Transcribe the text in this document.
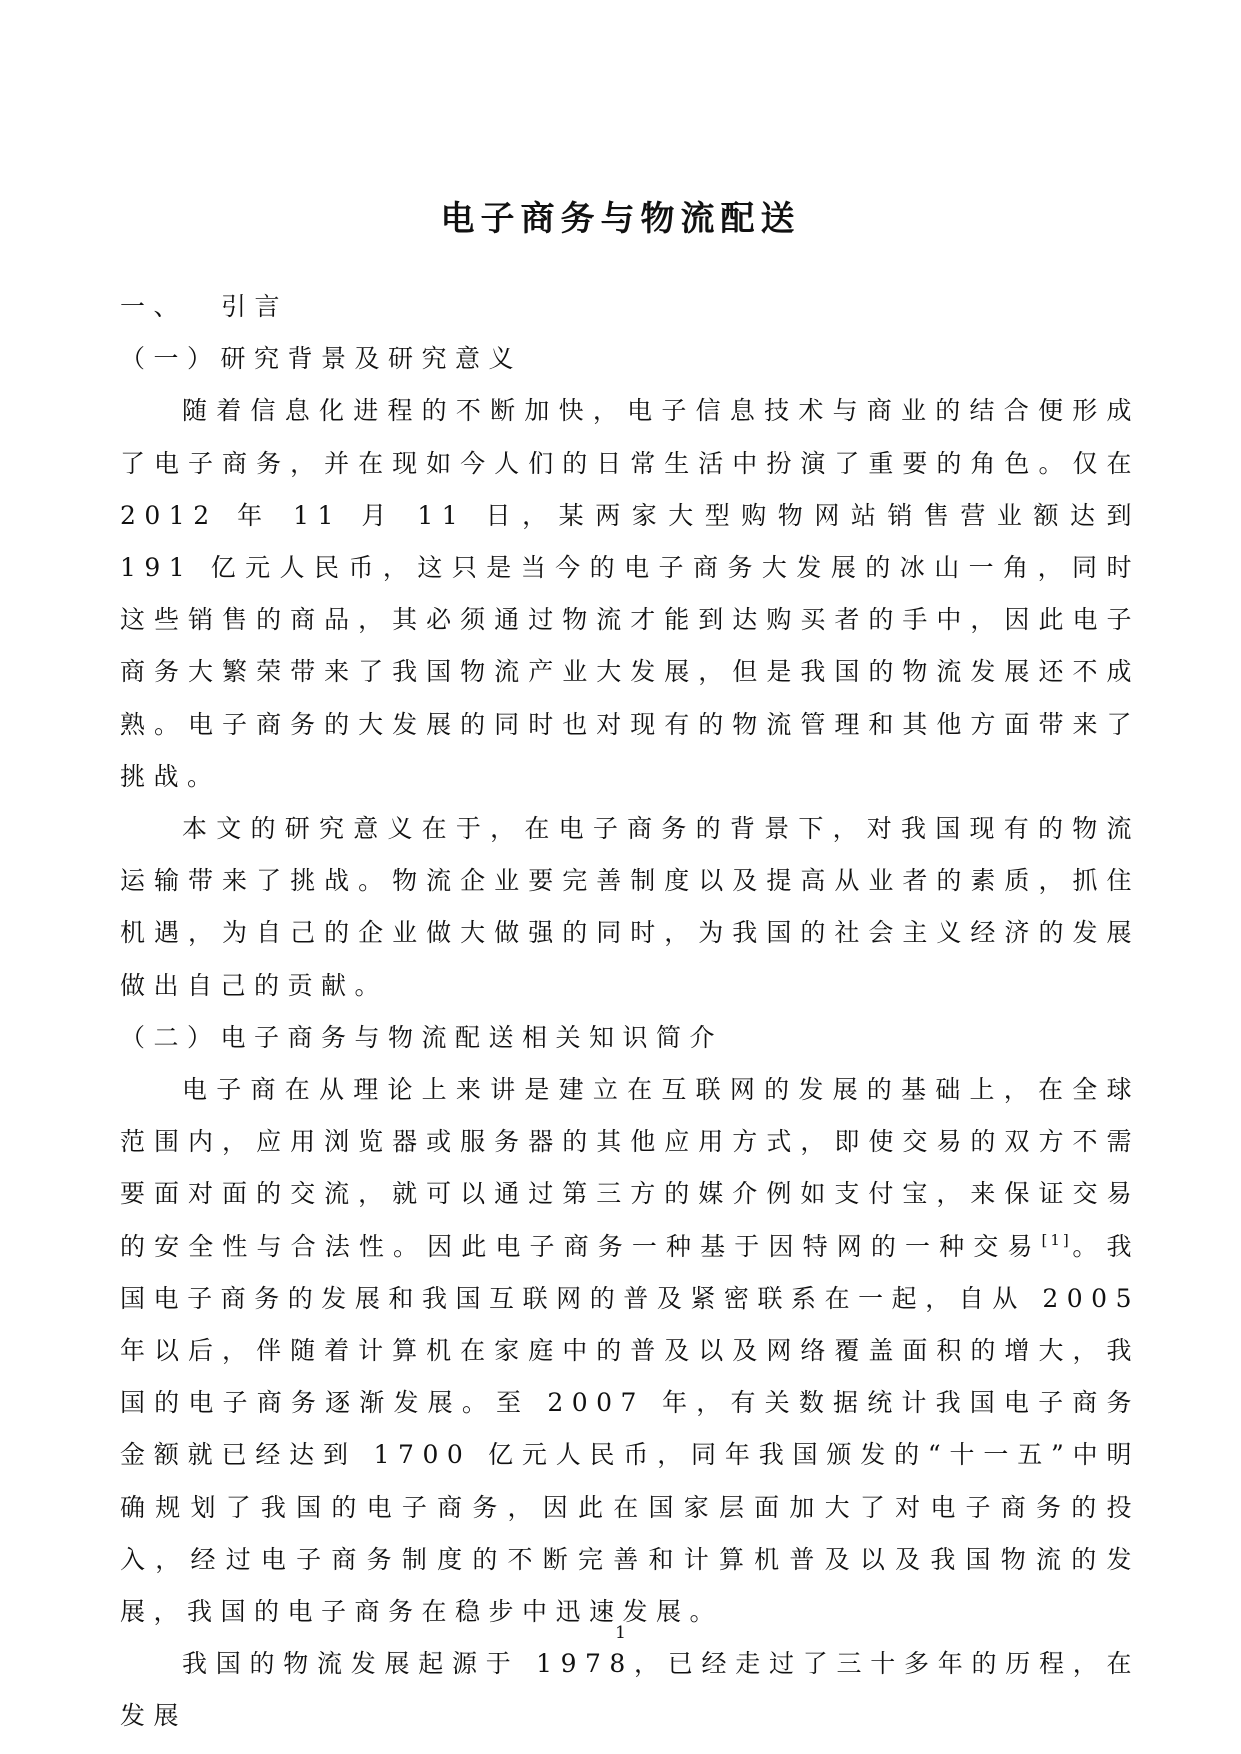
电子商务与物流配送
一、 引言
（一）研究背景及研究意义

随着信息化进程的不断加快，电子信息技术与商业的结合便形成了电子商务，并在现如今人们的日常生活中扮演了重要的角色。仅在 2012 年 11 月 11 日，某两家大型购物网站销售营业额达到 191 亿元人民币，这只是当今的电子商务大发展的冰山一角，同时这些销售的商品，其必须通过物流才能到达购买者的手中，因此电子商务大繁荣带来了我国物流产业大发展，但是我国的物流发展还不成熟。电子商务的大发展的同时也对现有的物流管理和其他方面带来了挑战。

本文的研究意义在于，在电子商务的背景下，对我国现有的物流运输带来了挑战。物流企业要完善制度以及提高从业者的素质，抓住机遇，为自己的企业做大做强的同时，为我国的社会主义经济的发展做出自己的贡献。

（二）电子商务与物流配送相关知识简介

电子商在从理论上来讲是建立在互联网的发展的基础上，在全球范围内，应用浏览器或服务器的其他应用方式，即使交易的双方不需要面对面的交流，就可以通过第三方的媒介例如支付宝，来保证交易的安全性与合法性。因此电子商务一种基于因特网的一种交易[1]。我国电子商务的发展和我国互联网的普及紧密联系在一起，自从 2005 年以后，伴随着计算机在家庭中的普及以及网络覆盖面积的增大，我国的电子商务逐渐发展。至 2007 年，有关数据统计我国电子商务金额就已经达到 1700 亿元人民币，同年我国颁发的“十一五”中明确规划了我国的电子商务，因此在国家层面加大了对电子商务的投入，经过电子商务制度的不断完善和计算机普及以及我国物流的发展，我国的电子商务在稳步中迅速发展。

我国的物流发展起源于 1978，已经走过了三十多年的历程，在发展

1
